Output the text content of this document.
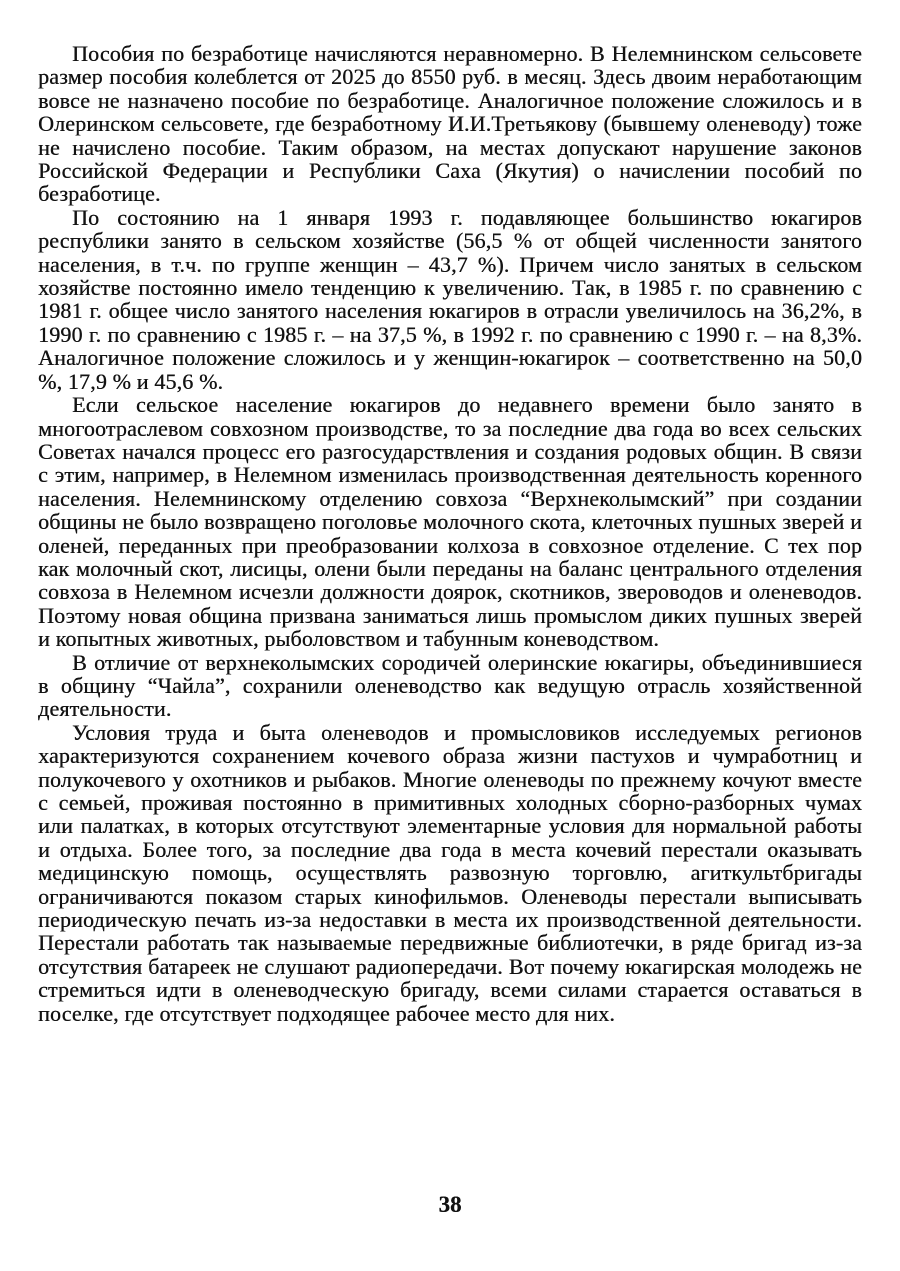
Пособия по безработице начисляются неравномерно. В Нелемнинском сельсовете размер пособия колеблется от 2025 до 8550 руб. в месяц. Здесь двоим неработающим вовсе не назначено пособие по безработице. Аналогичное положение сложилось и в Олеринском сельсовете, где безработному И.И.Третьякову (бывшему оленеводу) тоже не начислено пособие. Таким образом, на местах допускают нарушение законов Российской Федерации и Республики Саха (Якутия) о начислении пособий по безработице.

По состоянию на 1 января 1993 г. подавляющее большинство юкагиров республики занято в сельском хозяйстве (56,5 % от общей численности занятого населения, в т.ч. по группе женщин – 43,7 %). Причем число занятых в сельском хозяйстве постоянно имело тенденцию к увеличению. Так, в 1985 г. по сравнению с 1981 г. общее число занятого населения юкагиров в отрасли увеличилось на 36,2%, в 1990 г. по сравнению с 1985 г. – на 37,5 %, в 1992 г. по сравнению с 1990 г. – на 8,3%. Аналогичное положение сложилось и у женщин-юкагирок – соответственно на 50,0 %, 17,9 % и 45,6 %.

Если сельское население юкагиров до недавнего времени было занято в многоотраслевом совхозном производстве, то за последние два года во всех сельских Советах начался процесс его разгосударствления и создания родовых общин. В связи с этим, например, в Нелемном изменилась производственная деятельность коренного населения. Нелемнинскому отделению совхоза “Верхнеколымский” при создании общины не было возвращено поголовье молочного скота, клеточных пушных зверей и оленей, переданных при преобразовании колхоза в совхозное отделение. С тех пор как молочный скот, лисицы, олени были переданы на баланс центрального отделения совхоза в Нелемном исчезли должности доярок, скотников, звероводов и оленеводов. Поэтому новая община призвана заниматься лишь промыслом диких пушных зверей и копытных животных, рыболовством и табунным коневодством.

В отличие от верхнеколымских сородичей олеринские юкагиры, объединившиеся в общину “Чайла”, сохранили оленеводство как ведущую отрасль хозяйственной деятельности.

Условия труда и быта оленеводов и промысловиков исследуемых регионов характеризуются сохранением кочевого образа жизни пастухов и чумработниц и полукочевого у охотников и рыбаков. Многие оленеводы по прежнему кочуют вместе с семьей, проживая постоянно в примитивных холодных сборно-разборных чумах или палатках, в которых отсутствуют элементарные условия для нормальной работы и отдыха. Более того, за последние два года в места кочевий перестали оказывать медицинскую помощь, осуществлять развозную торговлю, агиткультбригады ограничиваются показом старых кинофильмов. Оленеводы перестали выписывать периодическую печать из-за недоставки в места их производственной деятельности. Перестали работать так называемые передвижные библиотечки, в ряде бригад из-за отсутствия батареек не слушают радиопередачи. Вот почему юкагирская молодежь не стремиться идти в оленеводческую бригаду, всеми силами старается оставаться в поселке, где отсутствует подходящее рабочее место для них.

38
